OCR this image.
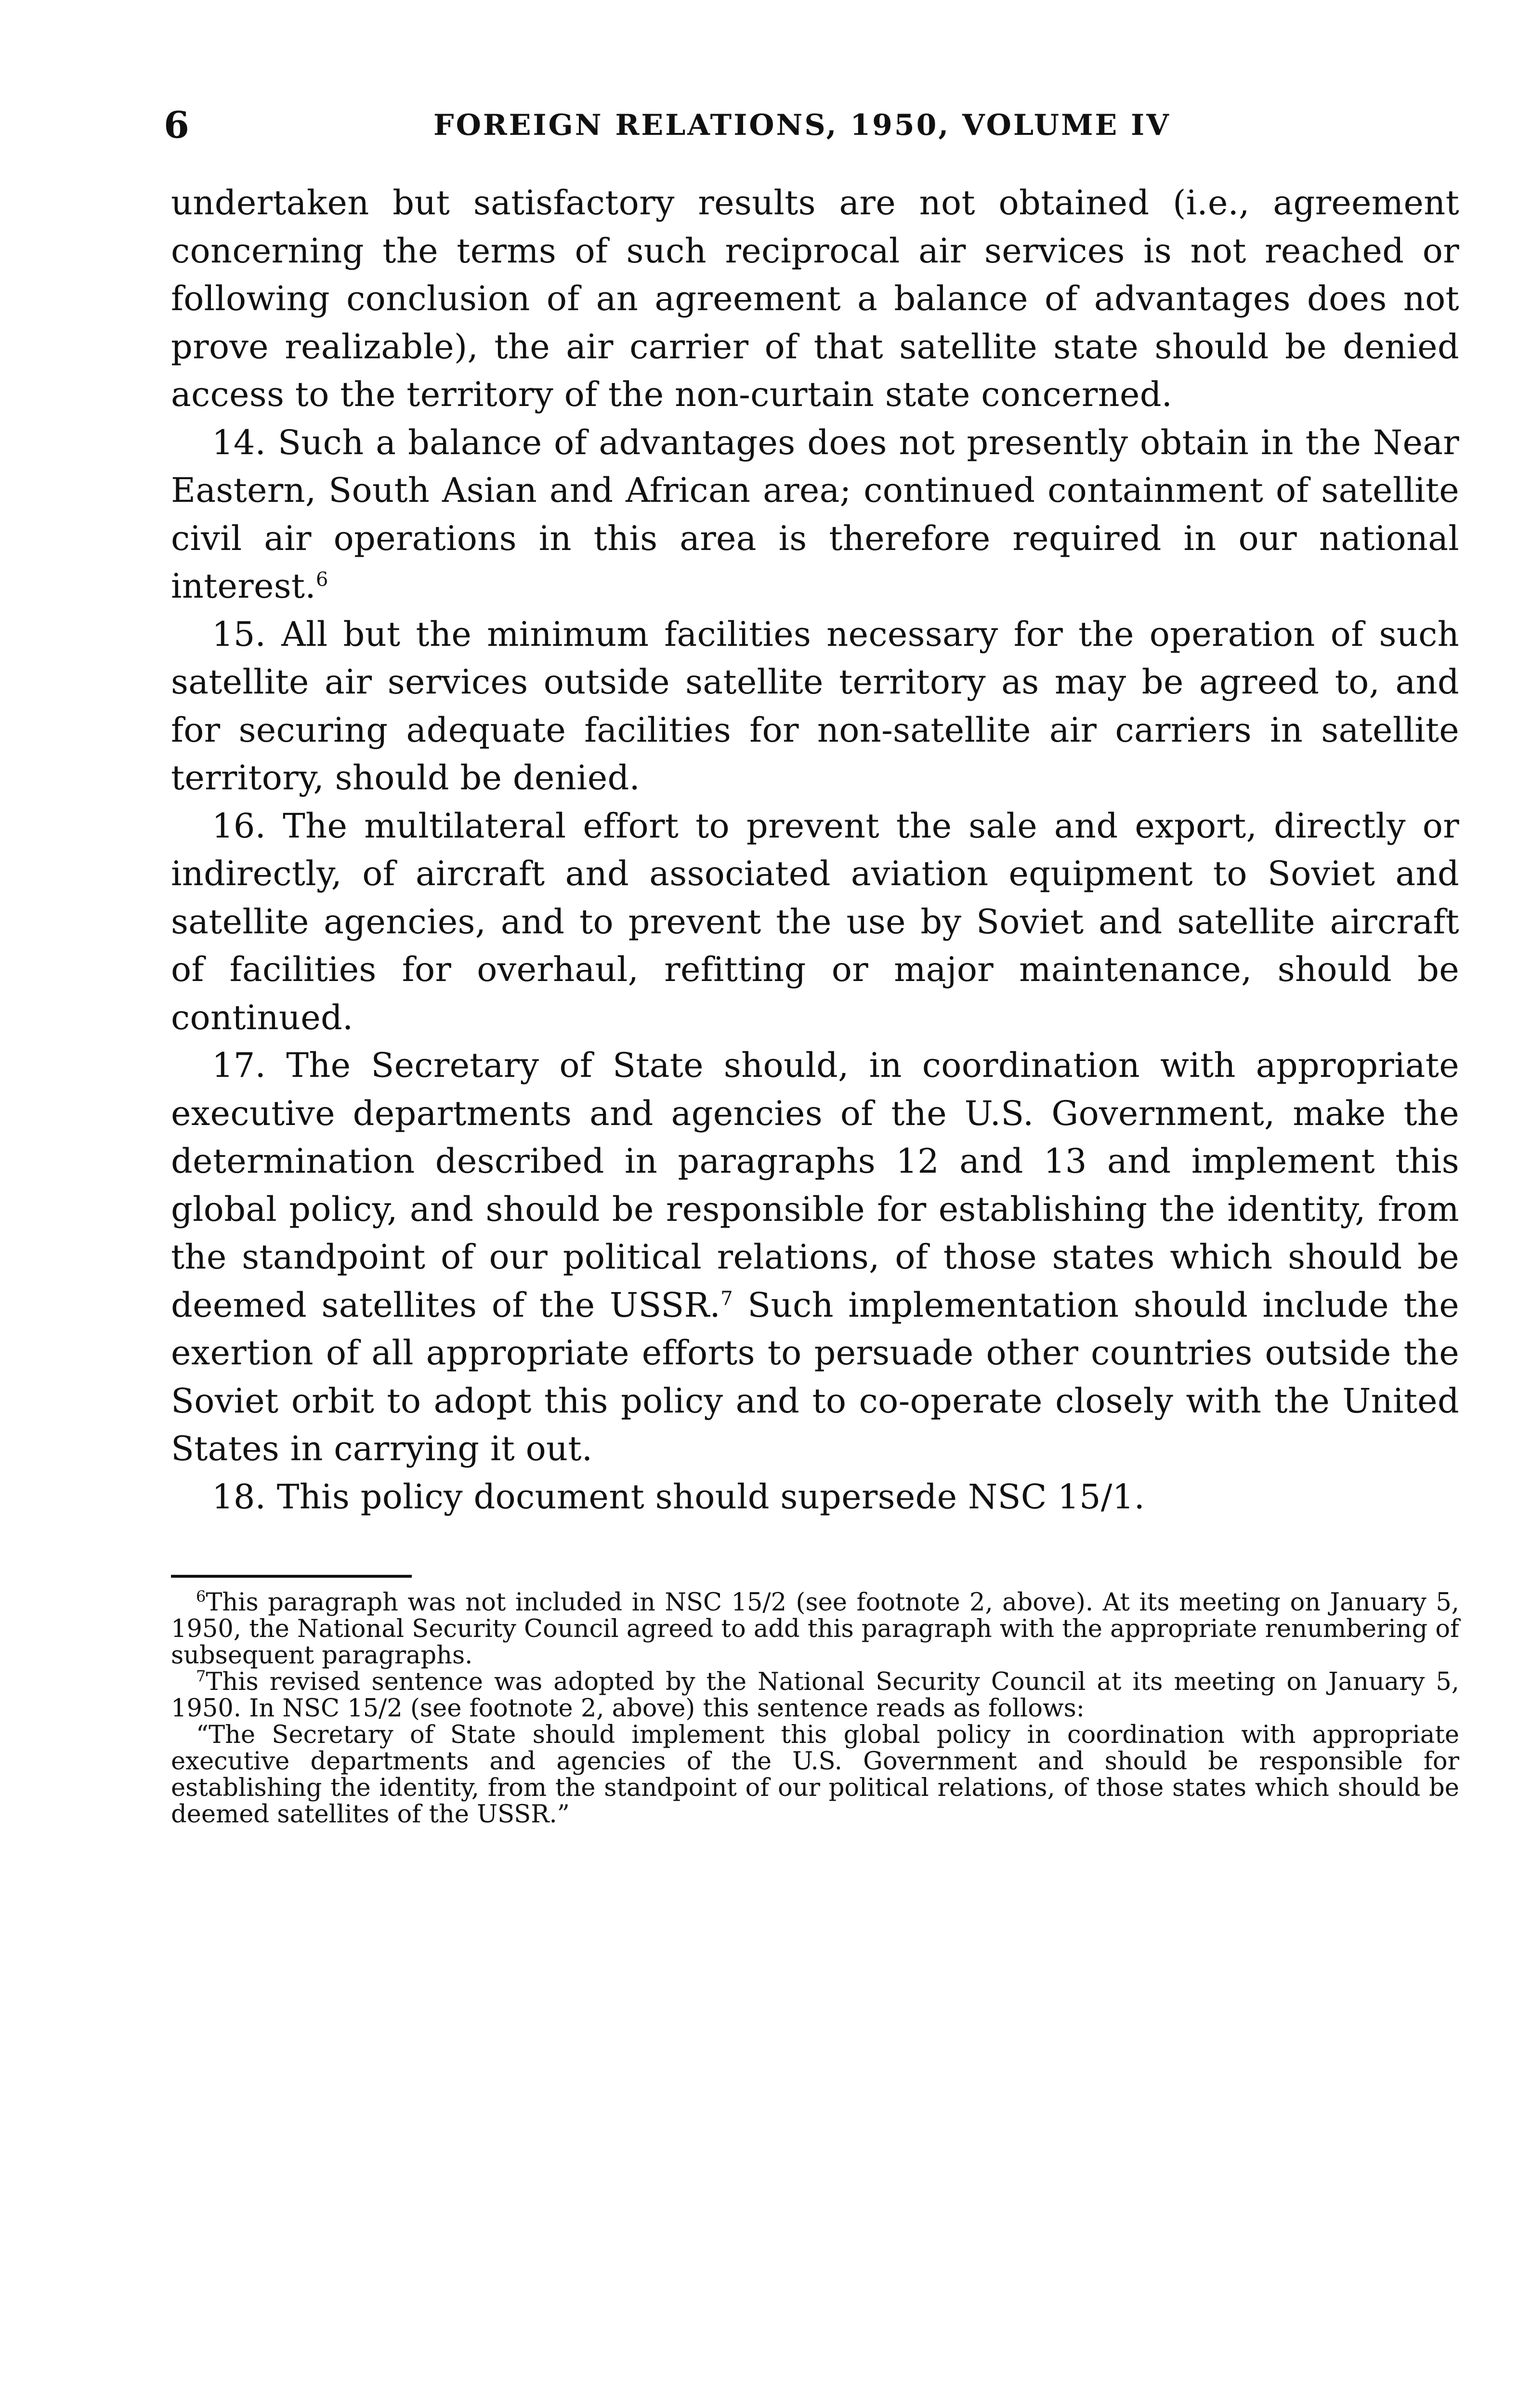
6	FOREIGN RELATIONS, 1950, VOLUME IV

undertaken but satisfactory results are not obtained (i.e., agreement concerning the terms of such reciprocal air services is not reached or following conclusion of an agreement a balance of advantages does not prove realizable), the air carrier of that satellite state should be denied access to the territory of the non-curtain state concerned.

14. Such a balance of advantages does not presently obtain in the Near Eastern, South Asian and African area; continued containment of satellite civil air operations in this area is therefore required in our national interest.$^6$

15. All but the minimum facilities necessary for the operation of such satellite air services outside satellite territory as may be agreed to, and for securing adequate facilities for non-satellite air carriers in satellite territory, should be denied.

16. The multilateral effort to prevent the sale and export, directly or indirectly, of aircraft and associated aviation equipment to Soviet and satellite agencies, and to prevent the use by Soviet and satellite aircraft of facilities for overhaul, refitting or major maintenance, should be continued.

17. The Secretary of State should, in coordination with appropriate executive departments and agencies of the U.S. Government, make the determination described in paragraphs 12 and 13 and implement this global policy, and should be responsible for establishing the identity, from the standpoint of our political relations, of those states which should be deemed satellites of the USSR.$^7$ Such implementation should include the exertion of all appropriate efforts to persuade other countries outside the Soviet orbit to adopt this policy and to co-operate closely with the United States in carrying it out.

18. This policy document should supersede NSC 15/1.

$^6$This paragraph was not included in NSC 15/2 (see footnote 2, above). At its meeting on January 5, 1950, the National Security Council agreed to add this paragraph with the appropriate renumbering of subsequent paragraphs.

$^7$This revised sentence was adopted by the National Security Council at its meeting on January 5, 1950. In NSC 15/2 (see footnote 2, above) this sentence reads as follows:

“The Secretary of State should implement this global policy in coordination with appropriate executive departments and agencies of the U.S. Government and should be responsible for establishing the identity, from the standpoint of our political relations, of those states which should be deemed satellites of the USSR.”
